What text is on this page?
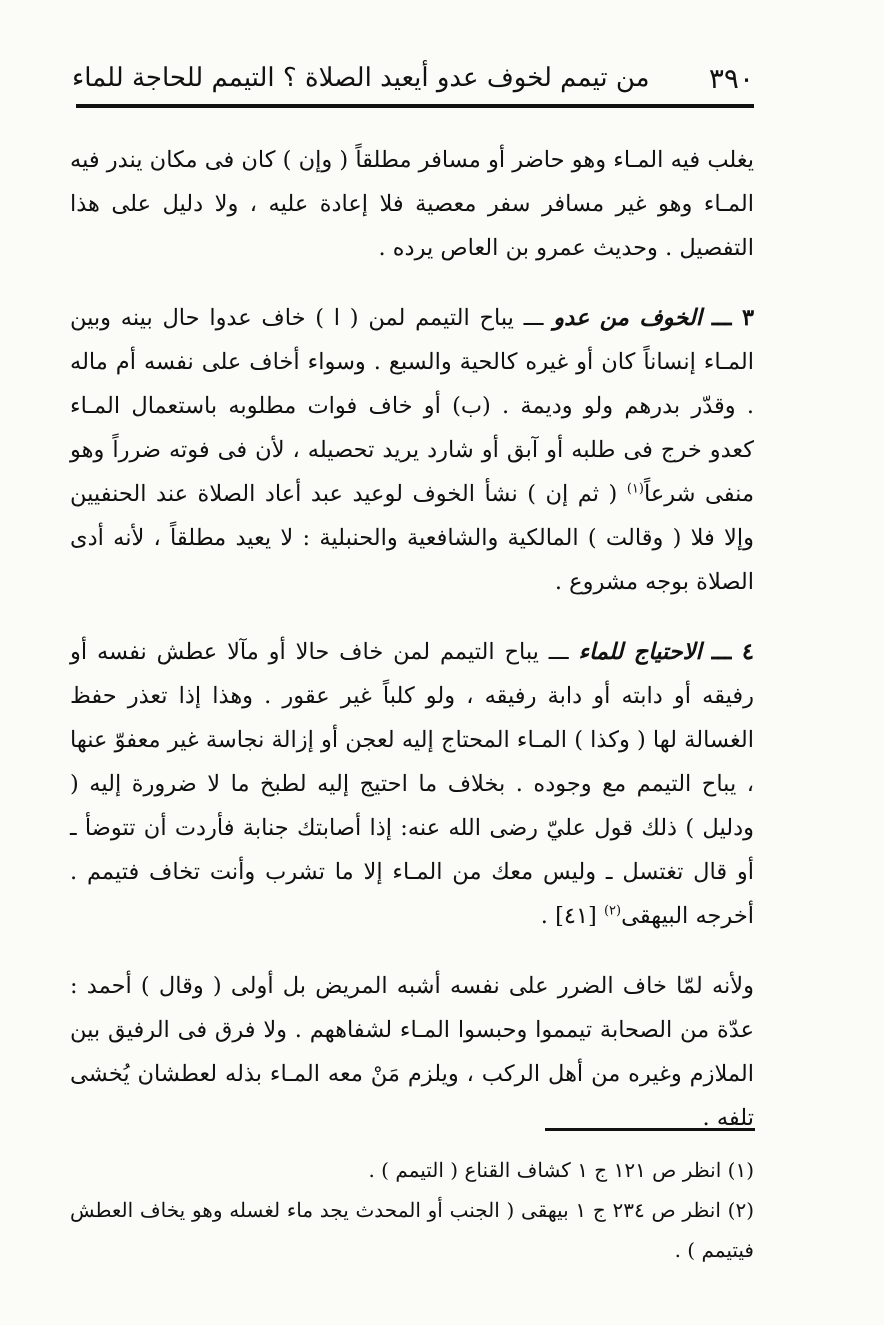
٣٩٠
من تيمم لخوف عدو أيعيد الصلاة ؟ التيمم للحاجة للماء

يغلب فيه المـاء وهو حاضر أو مسافر مطلقاً ( وإن ) كان فى مكان يندر فيه المـاء وهو غير مسافر سفر معصية فلا إعادة عليه ، ولا دليل على هذا التفصيل . وحديث عمرو بن العاص يرده .

٣ ـــ الخوف من عدو ـــ يباح التيمم لمن ( ا ) خاف عدوا حال بينه وبين المـاء إنساناً كان أو غيره كالحية والسبع . وسواء أخاف على نفسه أم ماله . وقدّر بدرهم ولو وديمة . (ب) أو خاف فوات مطلوبه باستعمال المـاء كعدو خرج فى طلبه أو آبق أو شارد يريد تحصيله ، لأن فى فوته ضرراً وهو منفى شرعاً$^{(١)}$ ( ثم إن ) نشأ الخوف لوعيد عبد أعاد الصلاة عند الحنفيين وإلا فلا ( وقالت ) المالكية والشافعية والحنبلية : لا يعيد مطلقاً ، لأنه أدى الصلاة بوجه مشروع .

٤ ـــ الاحتياج للماء ـــ يباح التيمم لمن خاف حالا أو مآلا عطش نفسه أو رفيقه أو دابته أو دابة رفيقه ، ولو كلباً غير عقور . وهذا إذا تعذر حفظ الغسالة لها ( وكذا ) المـاء المحتاج إليه لعجن أو إزالة نجاسة غير معفوّ عنها ، يباح التيمم مع وجوده . بخلاف ما احتيج إليه لطبخ ما لا ضرورة إليه ( ودليل ) ذلك قول عليّ رضى الله عنه: إذا أصابتك جنابة فأردت أن تتوضأ ـ أو قال تغتسل ـ وليس معك من المـاء إلا ما تشرب وأنت تخاف فتيمم . أخرجه البيهقى$^{(٢)}$ [٤١] .

ولأنه لمّا خاف الضرر على نفسه أشبه المريض بل أولى ( وقال ) أحمد : عدّة من الصحابة تيمموا وحبسوا المـاء لشفاههم . ولا فرق فى الرفيق بين الملازم وغيره من أهل الركب ، ويلزم مَنْ معه المـاء بذله لعطشان يُخشى تلفه .

(١) انظر ص ١٢١ ج ١ كشاف القناع ( التيمم ) .

(٢) انظر ص ٢٣٤ ج ١ بيهقى ( الجنب أو المحدث يجد ماء لغسله وهو يخاف العطش فيتيمم ) .
